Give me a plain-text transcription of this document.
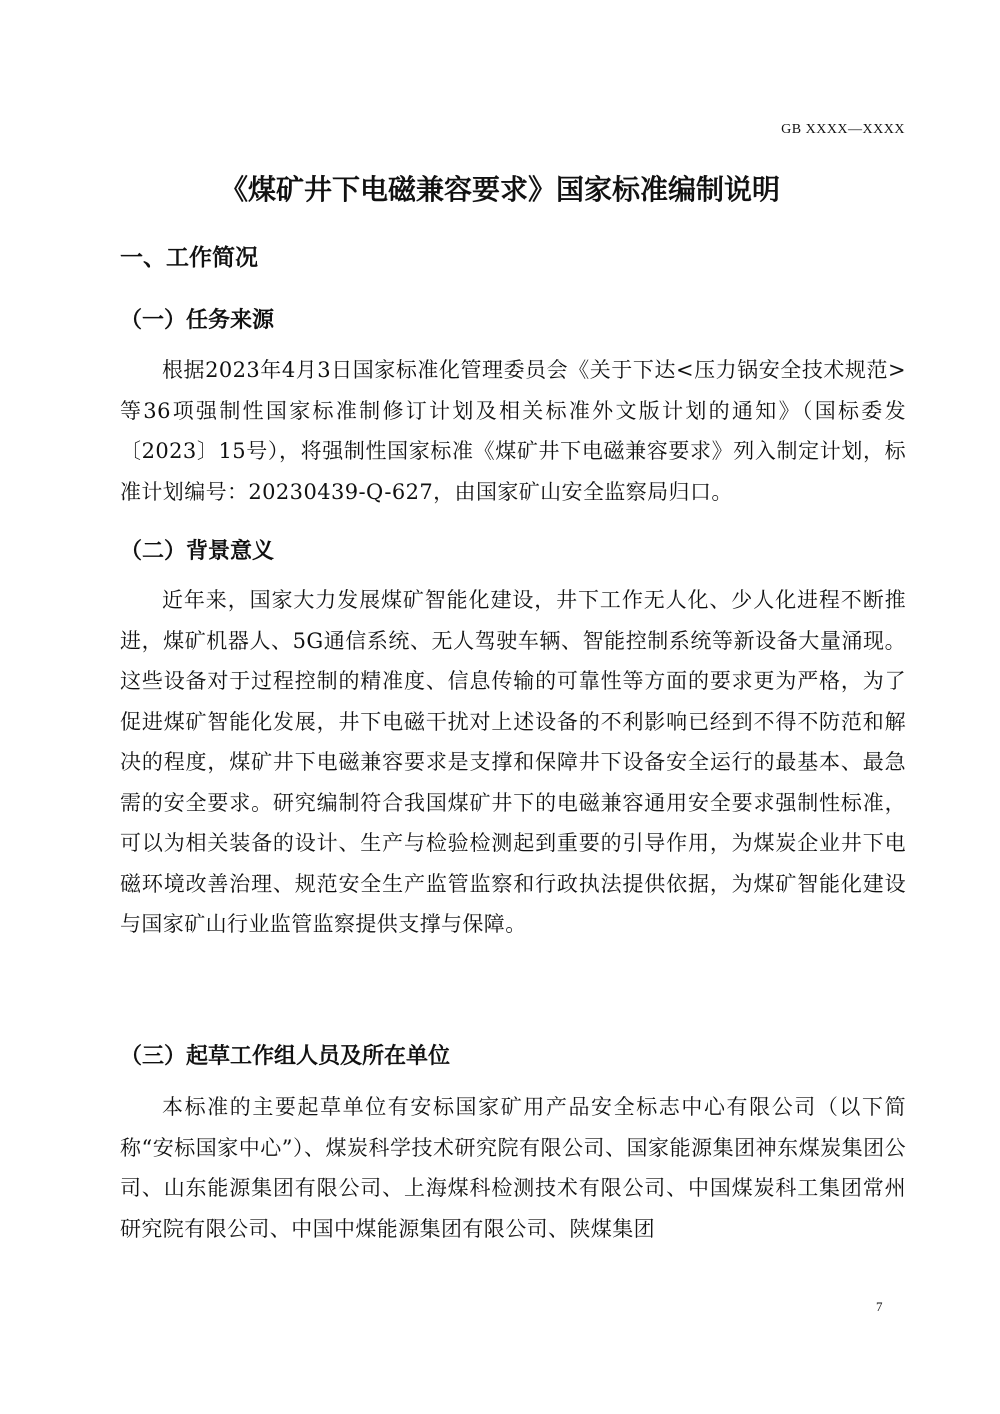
GB XXXX—XXXX
《煤矿井下电磁兼容要求》国家标准编制说明
一、工作简况
（一）任务来源

根据2023年4月3日国家标准化管理委员会《关于下达<压力锅安全技术规范>等36项强制性国家标准制修订计划及相关标准外文版计划的通知》（国标委发〔2023〕15号），将强制性国家标准《煤矿井下电磁兼容要求》列入制定计划，标准计划编号：20230439-Q-627，由国家矿山安全监察局归口。

（二）背景意义

近年来，国家大力发展煤矿智能化建设，井下工作无人化、少人化进程不断推进，煤矿机器人、5G通信系统、无人驾驶车辆、智能控制系统等新设备大量涌现。这些设备对于过程控制的精准度、信息传输的可靠性等方面的要求更为严格，为了促进煤矿智能化发展，井下电磁干扰对上述设备的不利影响已经到不得不防范和解决的程度，煤矿井下电磁兼容要求是支撑和保障井下设备安全运行的最基本、最急需的安全要求。研究编制符合我国煤矿井下的电磁兼容通用安全要求强制性标准，可以为相关装备的设计、生产与检验检测起到重要的引导作用，为煤炭企业井下电磁环境改善治理、规范安全生产监管监察和行政执法提供依据，为煤矿智能化建设与国家矿山行业监管监察提供支撑与保障。

（三）起草工作组人员及所在单位

本标准的主要起草单位有安标国家矿用产品安全标志中心有限公司（以下简称“安标国家中心”）、煤炭科学技术研究院有限公司、国家能源集团神东煤炭集团公司、山东能源集团有限公司、上海煤科检测技术有限公司、中国煤炭科工集团常州研究院有限公司、中国中煤能源集团有限公司、陕煤集团

7
